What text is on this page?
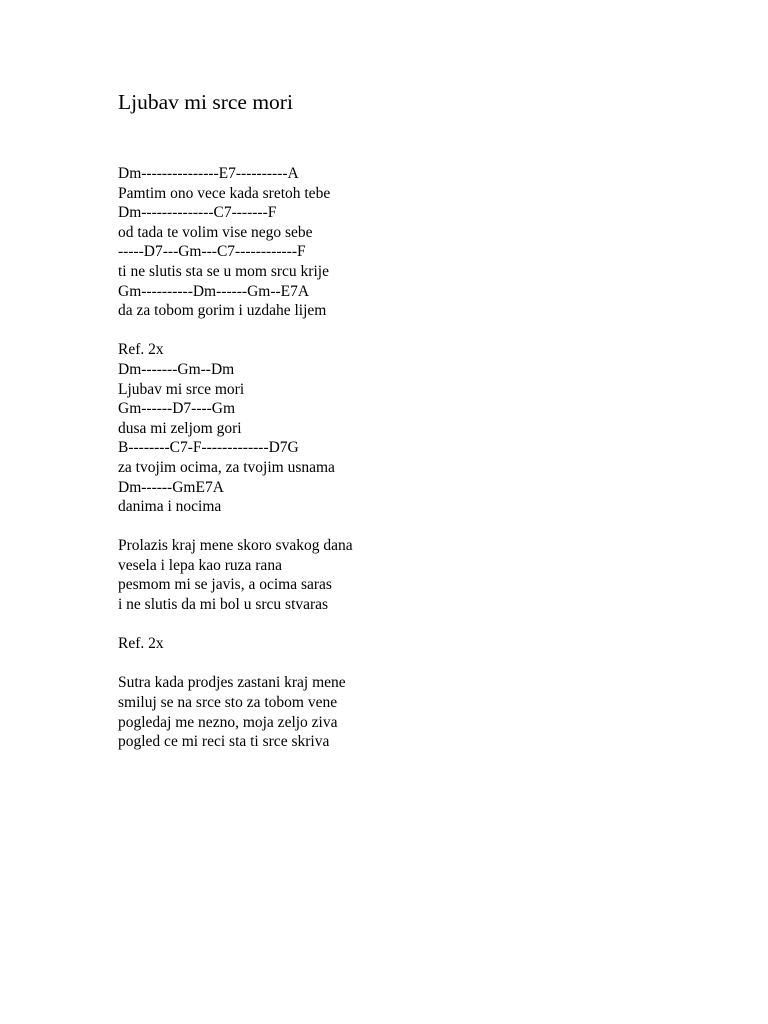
Ljubav mi srce mori
Dm---------------E7----------A
Pamtim ono vece kada sretoh tebe
Dm--------------C7-------F
od tada te volim vise nego sebe
-----D7---Gm---C7------------F
ti ne slutis sta se u mom srcu krije
Gm----------Dm------Gm--E7A
da za tobom gorim i uzdahe lijem
Ref. 2x
Dm-------Gm--Dm
Ljubav mi srce mori
Gm------D7----Gm
dusa mi zeljom gori
B--------C7-F-------------D7G
za tvojim ocima, za tvojim usnama
Dm------GmE7A
danima i nocima
Prolazis kraj mene skoro svakog dana
vesela i lepa kao ruza rana
pesmom mi se javis, a ocima saras
i ne slutis da mi bol u srcu stvaras
Ref. 2x
Sutra kada prodjes zastani kraj mene
smiluj se na srce sto za tobom vene
pogledaj me nezno, moja zeljo ziva
pogled ce mi reci sta ti srce skriva
